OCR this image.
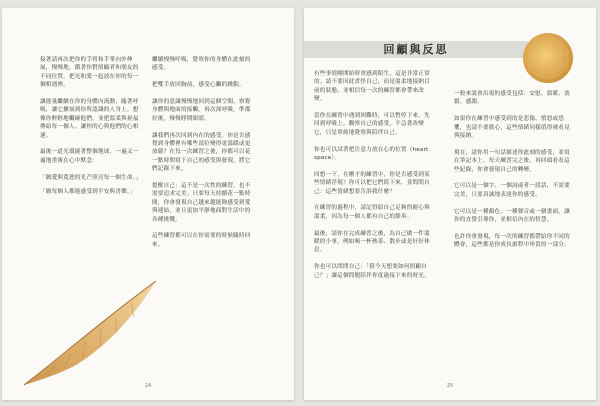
接著請再次把你的手臂和手掌向外伸展，慢慢地，循著你對照顧者和朋友的不同位置，把光和愛一起放在你的每一個相遇裡。

讓能量繼續在你的身體內流動，隨著呼吸，讓它擴展到你所認識的人身上。想像你輕輕地觸碰他們，並把溫柔與祝福傳給每一個人。讓你的心與他們的心相連。

最後一道光環繞著整個地球，一遍又一遍地重複在心中默念：

「願愛與寬恕的光芒照亮每一個生命。」

「願每個人都能感受到平安與喜樂。」

繼續慢慢呼吸，覺察你的身體在此刻的感受。

把雙手放回胸前，感受心臟的跳動。

讓你的意識慢慢地回到這個空間，察覺身體與地面的接觸。再次深呼吸，準備好後，慢慢睜開眼睛。

讓我們再次回到內在的感受。你是否感覺到身體裡有哪些部位變得更溫暖或更放鬆？在每一次練習之後，你都可以花一點時間寫下自己的感受與發現，將它們記錄下來。

提醒自己：這不是一次性的練習，也不需要追求完美。只要每天持續花一點時間，你會發現自己越來越能夠感受到愛與連結，並且更加平靜地面對生活中的各種挑戰。

這些練習都可以在你需要的時候隨時回來。

24
回顧與反思

有些事情剛開始時會感到陌生，這是非常正常的。請不要因此責怪自己，而是溫柔地接納目前的狀態，並相信每一次的練習都會帶來改變。

當你在練習中遇到困難時，可以暫停下來，先回到呼吸上。觀察自己的感受，不急著改變它，只是單純地覺察與陪伴自己。

你也可以試著把注意力放在心的位置（heart space）。

回想一下，在剛才的練習中，你是否感受到某些情緒浮現？你可以把它們寫下來，並問問自己：這些情緒想要告訴我什麼？

在練習的過程中，請記得給自己足夠的耐心與溫柔，因為每一個人都有自己的節奏。

最後，請你在完成練習之後，為自己做一件溫暖的小事，例如喝一杯熱茶、散步或是好好休息。

你也可以問問自己：「我今天想要如何照顧自己？」讓這個問題陪伴你度過接下來的時光。

一般來說會出現的感受包括：安慰、溫暖、放鬆、感謝。

如果你在練習中感受到的是悲傷、憤怒或恐懼，也請不要擔心，這些情緒同樣值得被看見與接納。

現在，請你用一句話描述你此刻的感受，並寫在筆記本上。每天練習完之後，再回頭看看這些紀錄，你會發現自己的轉變。

它可以是一個字、一個詞或者一段話，不需要完美，只要真誠地表達你的感受。

它可以是一種顏色、一種聲音或一個畫面。讓你的直覺引導你，並相信內在的智慧。

也許你會發現，每一次的練習都帶給你不同的體會，這些都是你成長旅程中珍貴的一部分。

25
